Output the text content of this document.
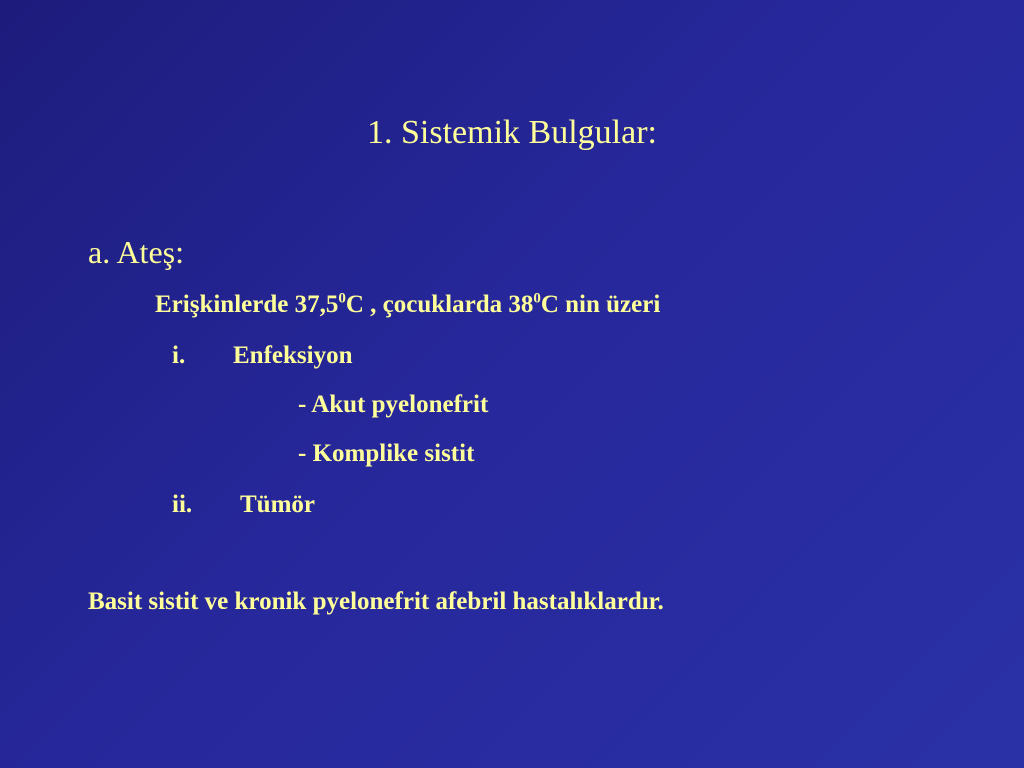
1. Sistemik Bulgular:
a. Ateş:
Erişkinlerde 37,5$^0$C , çocuklarda $38^0C$ nin üzeri
i. Enfeksiyon
- Akut pyelonefrit
- Komplike sistit
ii. Tümör
Basit sistit ve kronik pyelonefrit afebril hastalıklardır.
